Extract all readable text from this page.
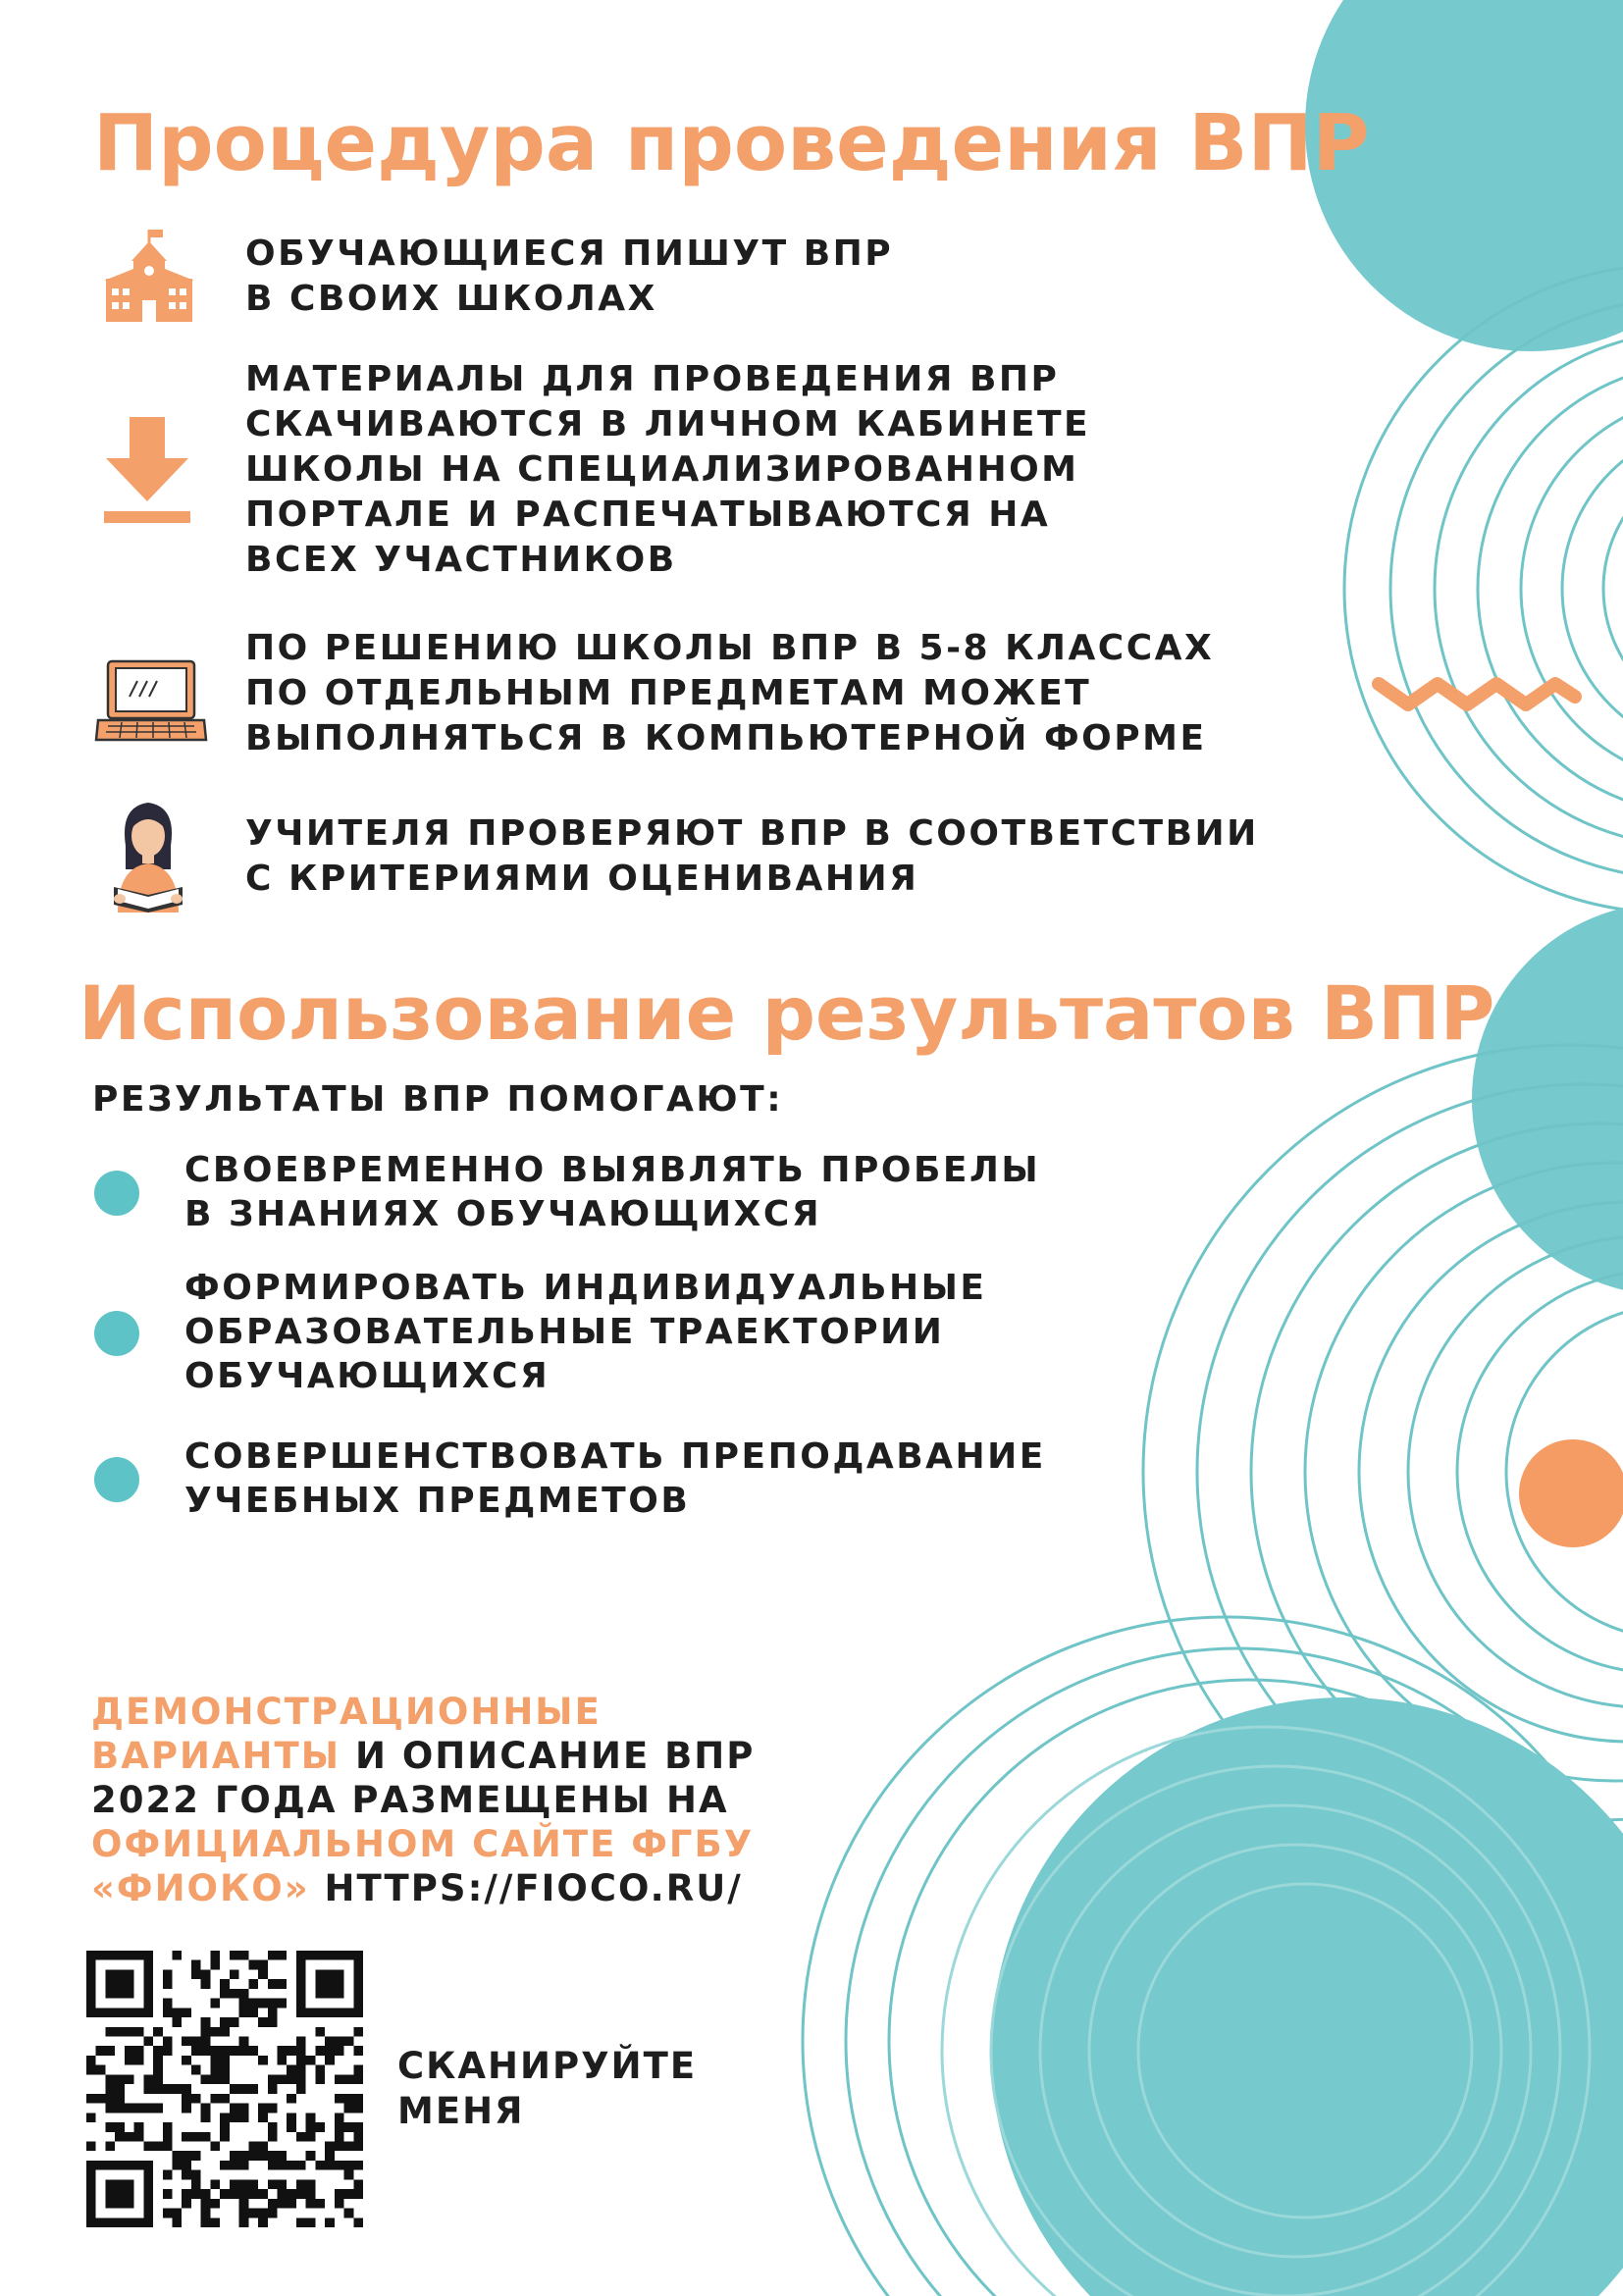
Процедура проведения ВПР
ОБУЧАЮЩИЕСЯ ПИШУТ ВПР
В СВОИХ ШКОЛАХ
МАТЕРИАЛЫ ДЛЯ ПРОВЕДЕНИЯ ВПР
СКАЧИВАЮТСЯ В ЛИЧНОМ КАБИНЕТЕ
ШКОЛЫ НА СПЕЦИАЛИЗИРОВАННОМ
ПОРТАЛЕ И РАСПЕЧАТЫВАЮТСЯ НА
ВСЕХ УЧАСТНИКОВ
ПО РЕШЕНИЮ ШКОЛЫ ВПР В 5-8 КЛАССАХ
ПО ОТДЕЛЬНЫМ ПРЕДМЕТАМ МОЖЕТ
ВЫПОЛНЯТЬСЯ В КОМПЬЮТЕРНОЙ ФОРМЕ
УЧИТЕЛЯ ПРОВЕРЯЮТ ВПР В СООТВЕТСТВИИ
С КРИТЕРИЯМИ ОЦЕНИВАНИЯ
Использование результатов ВПР
РЕЗУЛЬТАТЫ ВПР ПОМОГАЮТ:
СВОЕВРЕМЕННО ВЫЯВЛЯТЬ ПРОБЕЛЫ
В ЗНАНИЯХ ОБУЧАЮЩИХСЯ
ФОРМИРОВАТЬ ИНДИВИДУАЛЬНЫЕ
ОБРАЗОВАТЕЛЬНЫЕ ТРАЕКТОРИИ
ОБУЧАЮЩИХСЯ
СОВЕРШЕНСТВОВАТЬ ПРЕПОДАВАНИЕ
УЧЕБНЫХ ПРЕДМЕТОВ
ДЕМОНСТРАЦИОННЫЕ
ВАРИАНТЫ И ОПИСАНИЕ ВПР
2022 ГОДА РАЗМЕЩЕНЫ НА
ОФИЦИАЛЬНОМ САЙТЕ ФГБУ
«ФИОКО» HTTPS://FIOCO.RU/
СКАНИРУЙТЕ
МЕНЯ
